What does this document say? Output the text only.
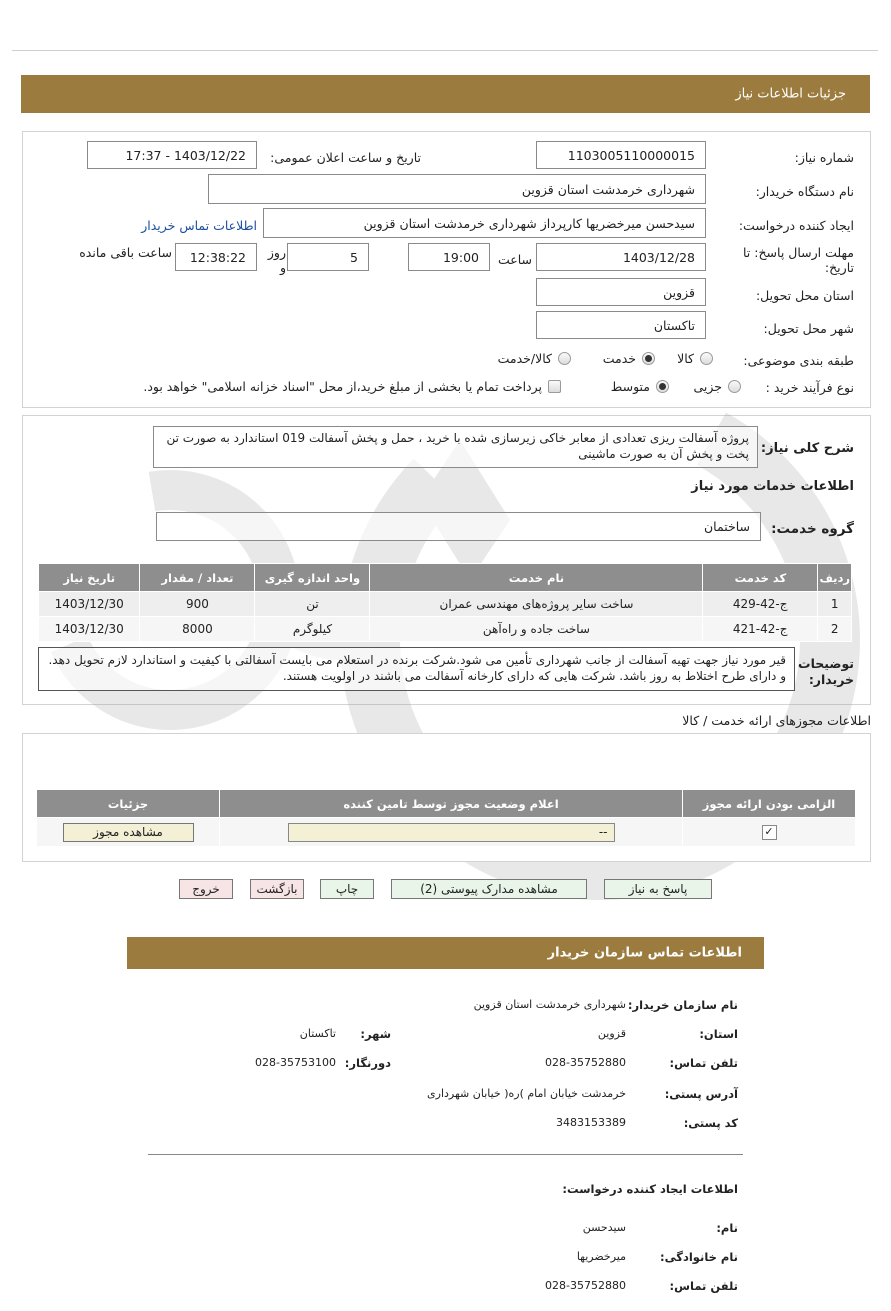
جزئیات اطلاعات نیاز
شماره نیاز:
1103005110000015
تاریخ و ساعت اعلان عمومی:
1403/12/22 - 17:37
نام دستگاه خریدار:
شهرداری خرمدشت استان قزوین
ایجاد کننده درخواست:
سیدحسن میرخضریها کارپرداز شهرداری خرمدشت استان قزوین
اطلاعات تماس خریدار
مهلت ارسال پاسخ: تا تاریخ:
1403/12/28
ساعت
19:00
5
روز و
12:38:22
ساعت باقی مانده
استان محل تحویل:
قزوین
شهر محل تحویل:
تاکستان
طبقه بندی موضوعی:
کالا
خدمت
کالا/خدمت
نوع فرآیند خرید :
جزیی
متوسط
پرداخت تمام یا بخشی از مبلغ خرید،از محل "اسناد خزانه اسلامی" خواهد بود.
شرح کلی نیاز:
پروژه آسفالت ریزی تعدادی از معابر خاکی زیرسازی شده با خرید ، حمل و پخش آسفالت 019 استاندارد به صورت تن پخت و پخش آن به صورت ماشینی
اطلاعات خدمات مورد نیاز
گروه خدمت:
ساختمان
ردیف	کد خدمت	نام خدمت	واحد اندازه گیری	تعداد / مقدار	تاریخ نیاز
1	ج-42-429	ساخت سایر پروژه‌های مهندسی عمران	تن	900	1403/12/30
2	ج-42-421	ساخت جاده و راه‌آهن	کیلوگرم	8000	1403/12/30
توضیحات خریدار:
قیر مورد نیاز جهت تهیه آسفالت از جانب شهرداری تأمین می شود.شرکت برنده در استعلام می بایست آسفالتی با کیفیت و استاندارد لازم تحویل دهد. و دارای طرح اختلاط به روز باشد. شرکت هایی که دارای کارخانه آسفالت می باشند در اولویت هستند.
اطلاعات مجوزهای ارائه خدمت / کالا
الزامی بودن ارائه مجوز	اعلام وضعیت مجوز توسط تامین کننده	جزئیات
✓	--	مشاهده مجوز
پاسخ به نیاز
مشاهده مدارک پیوستی (2)
چاپ
بازگشت
خروج
اطلاعات تماس سازمان خریدار
نام سازمان خریدار:
شهرداری خرمدشت استان قزوین
استان:
قزوین
شهر:
تاکستان
تلفن تماس:
028-35752880
دورنگار:
028-35753100
آدرس پستی:
خرمدشت خیابان امام )ره( خیابان شهرداری
کد پستی:
3483153389
اطلاعات ایجاد کننده درخواست:
نام:
سیدحسن
نام خانوادگی:
میرخضریها
تلفن تماس:
028-35752880
